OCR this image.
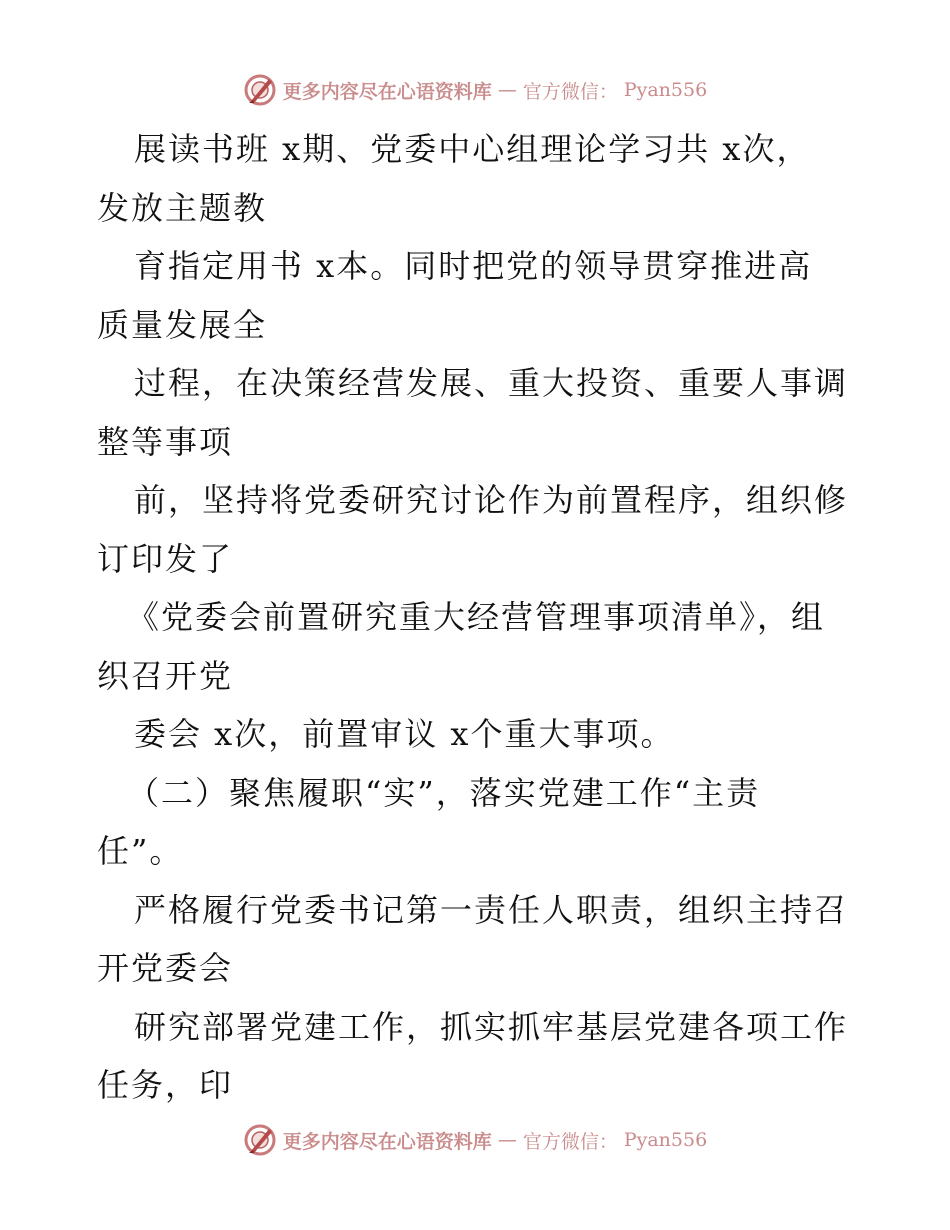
更多内容尽在心语资料库 — 官方微信： Pyan556
展读书班 x期、党委中心组理论学习共 x次，
发放主题教
育指定用书 x本。同时把党的领导贯穿推进高
质量发展全
过程，在决策经营发展、重大投资、重要人事调
整等事项
前，坚持将党委研究讨论作为前置程序，组织修
订印发了
《党委会前置研究重大经营管理事项清单》，组
织召开党
委会 x次，前置审议 x个重大事项。
（二）聚焦履职“实”，落实党建工作“主责
任”。
严格履行党委书记第一责任人职责，组织主持召
开党委会
研究部署党建工作，抓实抓牢基层党建各项工作
任务，印
更多内容尽在心语资料库 — 官方微信： Pyan556
